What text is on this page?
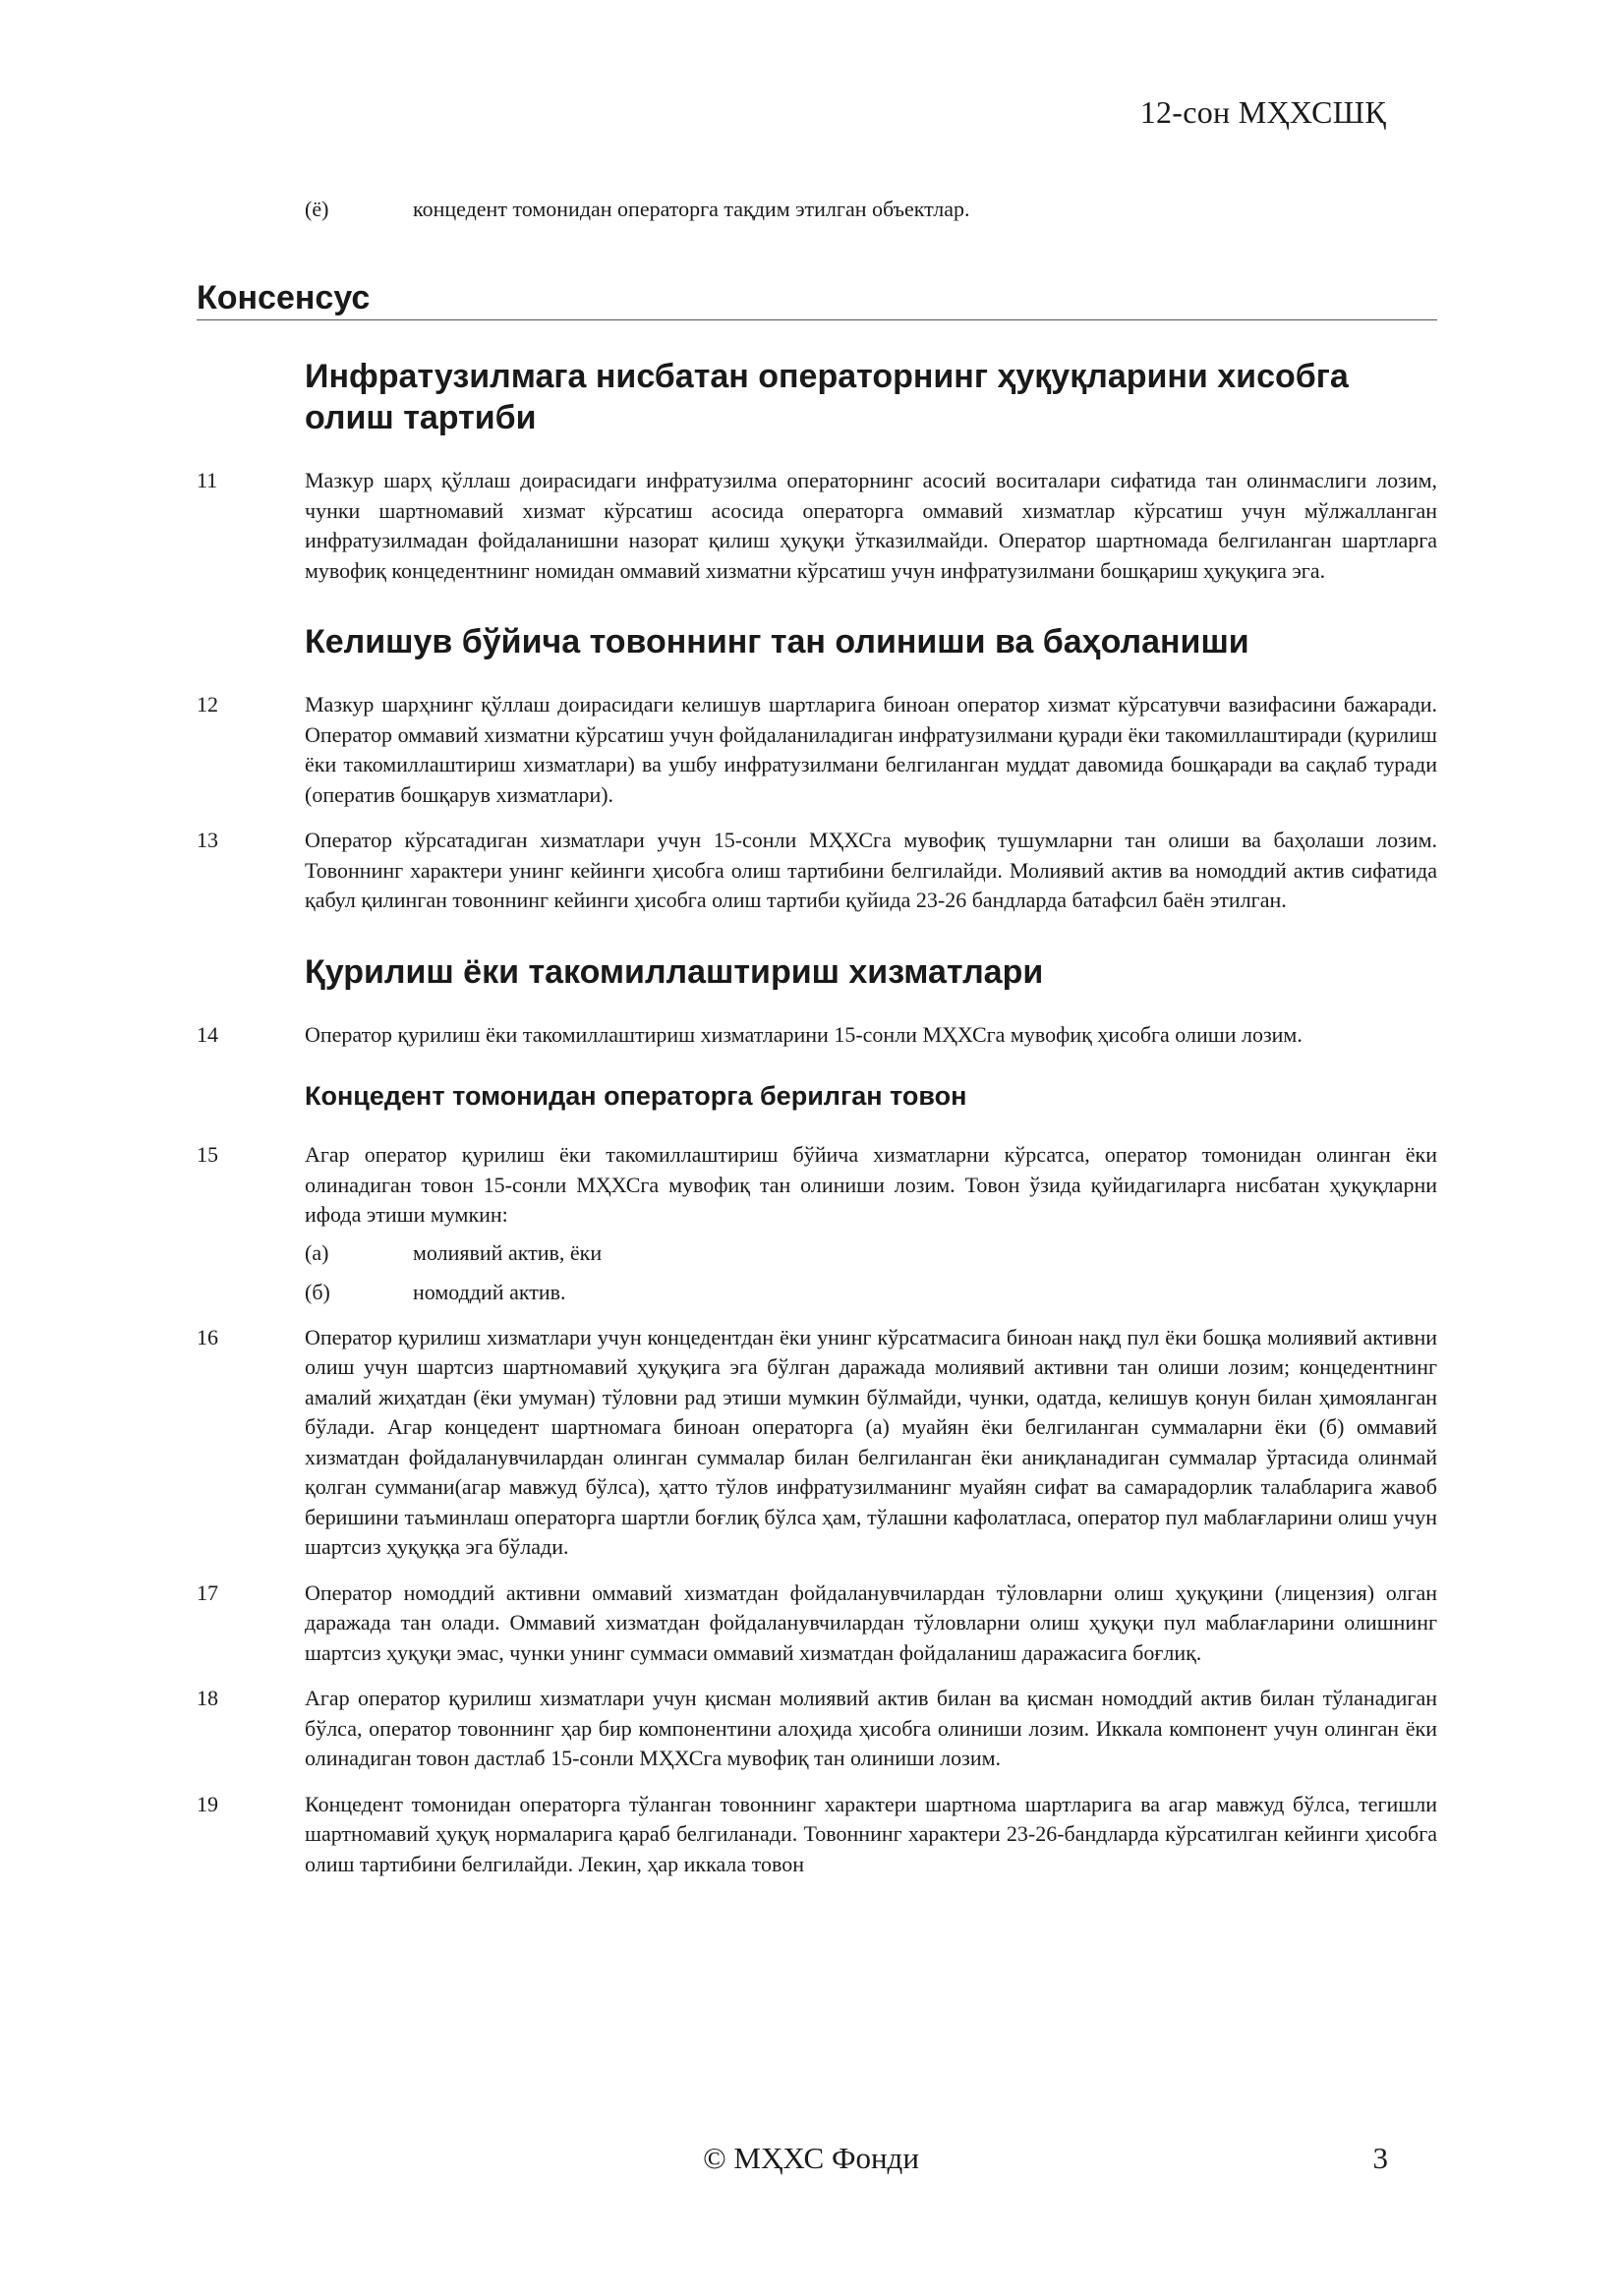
12-сон МҲХСШҚ
(ё)	концедент томонидан операторга тақдим этилган объектлар.
Консенсус
Инфратузилмага нисбатан операторнинг ҳуқуқларини хисобга олиш тартиби
11	Мазкур шарҳ қўллаш доирасидаги инфратузилма операторнинг асосий воситалари сифатида тан олинмаслиги лозим, чунки шартномавий хизмат кўрсатиш асосида операторга оммавий хизматлар кўрсатиш учун мўлжалланган инфратузилмадан фойдаланишни назорат қилиш ҳуқуқи ўтказилмайди. Оператор шартномада белгиланган шартларга мувофиқ концедентнинг номидан оммавий хизматни кўрсатиш учун инфратузилмани бошқариш ҳуқуқига эга.
Келишув бўйича товоннинг тан олиниши ва баҳоланиши
12	Мазкур шарҳнинг қўллаш доирасидаги келишув шартларига биноан оператор хизмат кўрсатувчи вазифасини бажаради. Оператор оммавий хизматни кўрсатиш учун фойдаланиладиган инфратузилмани қуради ёки такомиллаштиради (қурилиш ёки такомиллаштириш хизматлари) ва ушбу инфратузилмани белгиланган муддат давомида бошқаради ва сақлаб туради (оператив бошқарув хизматлари).
13	Оператор кўрсатадиган хизматлари учун 15-сонли МҲХСга мувофиқ тушумларни тан олиши ва баҳолаши лозим. Товоннинг характери унинг кейинги ҳисобга олиш тартибини белгилайди. Молиявий актив ва номоддий актив сифатида қабул қилинган товоннинг кейинги ҳисобга олиш тартиби қуйида 23-26 бандларда батафсил баён этилган.
Қурилиш ёки такомиллаштириш хизматлари
14	Оператор қурилиш ёки такомиллаштириш хизматларини 15-сонли МҲХСга мувофиқ ҳисобга олиши лозим.
Концедент томонидан операторга берилган товон
15	Агар оператор қурилиш ёки такомиллаштириш бўйича хизматларни кўрсатса, оператор томонидан олинган ёки олинадиган товон 15-сонли МҲХСга мувофиқ тан олиниши лозим. Товон ўзида қуйидагиларга нисбатан ҳуқуқларни ифода этиши мумкин:
(а)	молиявий актив, ёки
(б)	номоддий актив.
16	Оператор қурилиш хизматлари учун концедентдан ёки унинг кўрсатмасига биноан нақд пул ёки бошқа молиявий активни олиш учун шартсиз шартномавий ҳуқуқига эга бўлган даражада молиявий активни тан олиши лозим; концедентнинг амалий жиҳатдан (ёки умуман) тўловни рад этиши мумкин бўлмайди, чунки, одатда, келишув қонун билан ҳимояланган бўлади. Агар концедент шартномага биноан операторга (а) муайян ёки белгиланган суммаларни ёки (б) оммавий хизматдан фойдаланувчилардан олинган суммалар билан белгиланган ёки аниқланадиган суммалар ўртасида олинмай қолган суммани(агар мавжуд бўлса), ҳатто тўлов инфратузилманинг муайян сифат ва самарадорлик талабларига жавоб беришини таъминлаш операторга шартли боғлиқ бўлса ҳам, тўлашни кафолатласа, оператор пул маблағларини олиш учун шартсиз ҳуқуққа эга бўлади.
17	Оператор номоддий активни оммавий хизматдан фойдаланувчилардан тўловларни олиш ҳуқуқини (лицензия) олган даражада тан олади. Оммавий хизматдан фойдаланувчилардан тўловларни олиш ҳуқуқи пул маблағларини олишнинг шартсиз ҳуқуқи эмас, чунки унинг суммаси оммавий хизматдан фойдаланиш даражасига боғлиқ.
18	Агар оператор қурилиш хизматлари учун қисман молиявий актив билан ва қисман номоддий актив билан тўланадиган бўлса, оператор товоннинг ҳар бир компонентини алоҳида ҳисобга олиниши лозим. Иккала компонент учун олинган ёки олинадиган товон дастлаб 15-сонли МҲХСга мувофиқ тан олиниши лозим.
19	Концедент томонидан операторга тўланган товоннинг характери шартнома шартларига ва агар мавжуд бўлса, тегишли шартномавий ҳуқуқ нормаларига қараб белгиланади. Товоннинг характери 23-26-бандларда кўрсатилган кейинги ҳисобга олиш тартибини белгилайди. Лекин, ҳар иккала товон
© МҲХС Фонди	3
